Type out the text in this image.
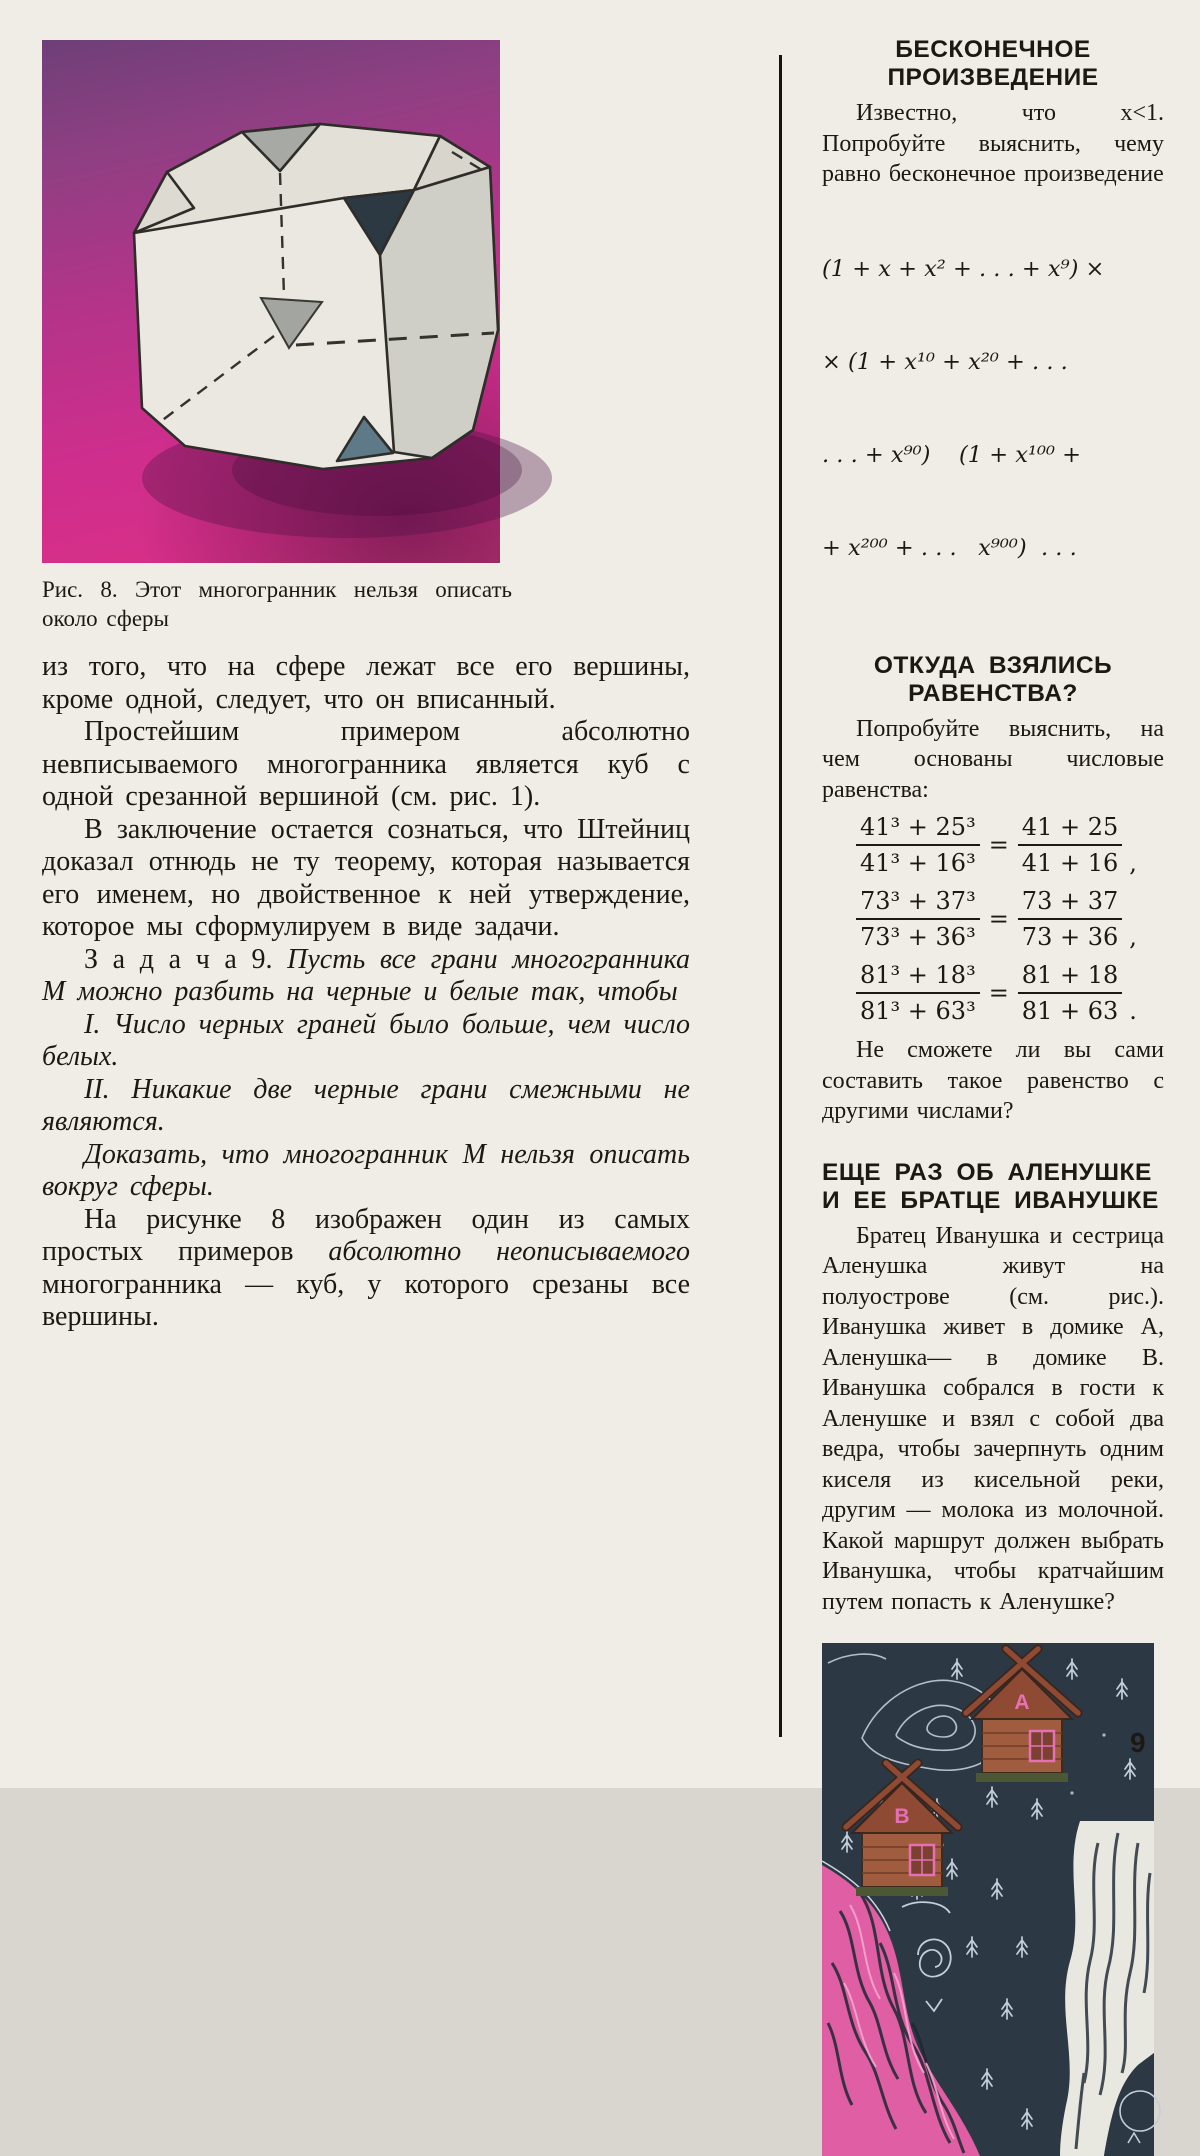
Рис. 8. Этот многогранник нельзя описать около сферы

из того, что на сфере лежат все его вершины, кроме одной, следует, что он вписанный.

Простейшим примером абсолютно невписываемого многогранника является куб с одной срезанной вершиной (см. рис. 1).

В заключение остается сознаться, что Штейниц доказал отнюдь не ту теорему, которая называется его именем, но двойственное к ней утверждение, которое мы сформулируем в виде задачи.

З а д а ч а 9. Пусть все грани многогранника М можно разбить на черные и белые так, чтобы

I. Число черных граней было больше, чем число белых.

II. Никакие две черные грани смежными не являются.

Доказать, что многогранник М нельзя описать вокруг сферы.

На рисунке 8 изображен один из самых простых примеров абсолютно неописываемого многогранника — куб, у которого срезаны все вершины.

БЕСКОНЕЧНОЕ
ПРОИЗВЕДЕНИЕ

Известно, что x<1. Попробуйте выяснить, чему равно бесконечное произведение

(1 + x + x² + . . . + x⁹) ×

× (1 + x¹⁰ + x²⁰ + . . .

. . . + x⁹⁰)    (1 + x¹⁰⁰ +

+ x²⁰⁰ + . . .   x⁹⁰⁰)  . . .

ОТКУДА ВЗЯЛИСЬ
РАВЕНСТВА?

Попробуйте выяснить, на чем основаны числовые равенства:

$\frac{\text{41³ + 25³}}{\text{41³ + 16³}} = \frac{41 + 25}{41 + 16}$ ,
$\frac{\text{73³ + 37³}}{\text{73³ + 36³}} = \frac{73 + 37}{73 + 36}$ ,
$\frac{\text{81³ + 18³}}{\text{81³ + 63³}} = \frac{81 + 18}{81 + 63}$ .

Не сможете ли вы сами составить такое равенство с другими числами?

ЕЩЕ РАЗ ОБ АЛЕНУШКЕ
И ЕЕ БРАТЦЕ ИВАНУШКЕ

Братец Иванушка и сестрица Аленушка живут на полуострове (см. рис.). Иванушка живет в домике А, Аленушка— в домике В. Иванушка собрался в гости к Аленушке и взял с собой два ведра, чтобы зачерпнуть одним киселя из кисельной реки, другим — молока из молочной. Какой маршрут должен выбрать Иванушка, чтобы кратчайшим путем попасть к Аленушке?

А
В
9
